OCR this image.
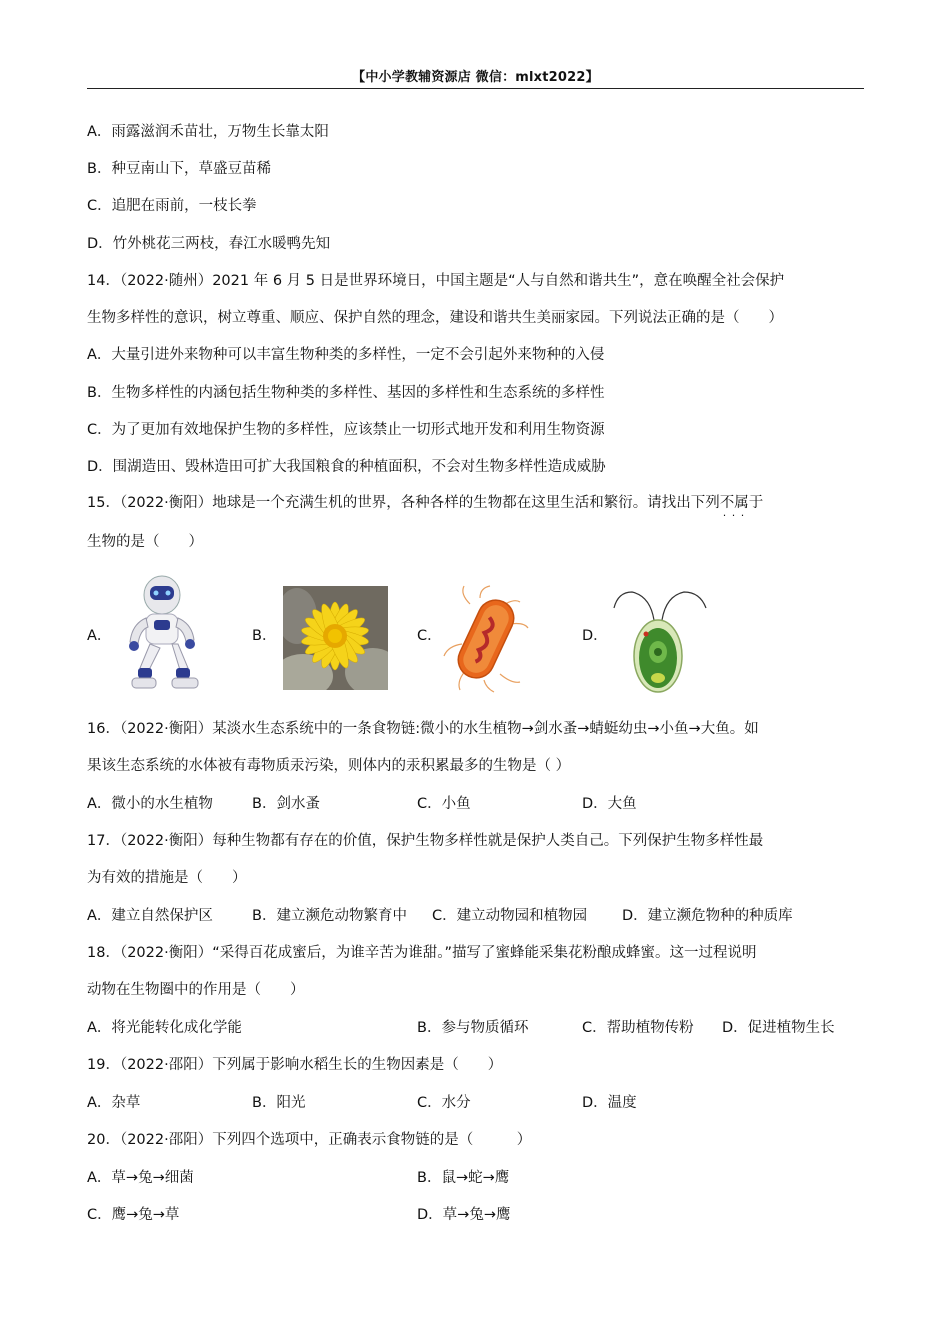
【中小学教辅资源店 微信：mlxt2022】
A．雨露滋润禾苗壮，万物生长靠太阳
B．种豆南山下，草盛豆苗稀
C．追肥在雨前，一枝长拳
D．竹外桃花三两枝，春江水暖鸭先知
14．（2022·随州）2021 年 6 月 5 日是世界环境日，中国主题是“人与自然和谐共生”，意在唤醒全社会保护
生物多样性的意识，树立尊重、顺应、保护自然的理念，建设和谐共生美丽家园。下列说法正确的是（　　）
A．大量引进外来物种可以丰富生物种类的多样性，一定不会引起外来物种的入侵
B．生物多样性的内涵包括生物种类的多样性、基因的多样性和生态系统的多样性
C．为了更加有效地保护生物的多样性，应该禁止一切形式地开发和利用生物资源
D．围湖造田、毁林造田可扩大我国粮食的种植面积，不会对生物多样性造成威胁
15．（2022·衡阳）地球是一个充满生机的世界，各种各样的生物都在这里生活和繁衍。请找出下列不属于 · · ·
生物的是（　　）
A．	B．	C．	D．
16．（2022·衡阳）某淡水生态系统中的一条食物链:微小的水生植物→剑水蚤→蜻蜓幼虫→小鱼→大鱼。如
果该生态系统的水体被有毒物质汞污染，则体内的汞积累最多的生物是（ ）
A．微小的水生植物	B．剑水蚤	C．小鱼	D．大鱼
17．（2022·衡阳）每种生物都有存在的价值，保护生物多样性就是保护人类自己。下列保护生物多样性最
为有效的措施是（　　）
A．建立自然保护区	B．建立濒危动物繁育中 C．建立动物园和植物园 D．建立濒危物种的种质库
18．（2022·衡阳）“采得百花成蜜后，为谁辛苦为谁甜。”描写了蜜蜂能采集花粉酿成蜂蜜。这一过程说明
动物在生物圈中的作用是（　　）
A．将光能转化成化学能	B．参与物质循环	C．帮助植物传粉 D．促进植物生长
19．（2022·邵阳）下列属于影响水稻生长的生物因素是（　　）
A．杂草	B．阳光	C．水分	D．温度
20．（2022·邵阳）下列四个选项中，正确表示食物链的是（　　　）
A．草→兔→细菌	B．鼠→蛇→鹰
C．鹰→兔→草	D．草→兔→鹰
